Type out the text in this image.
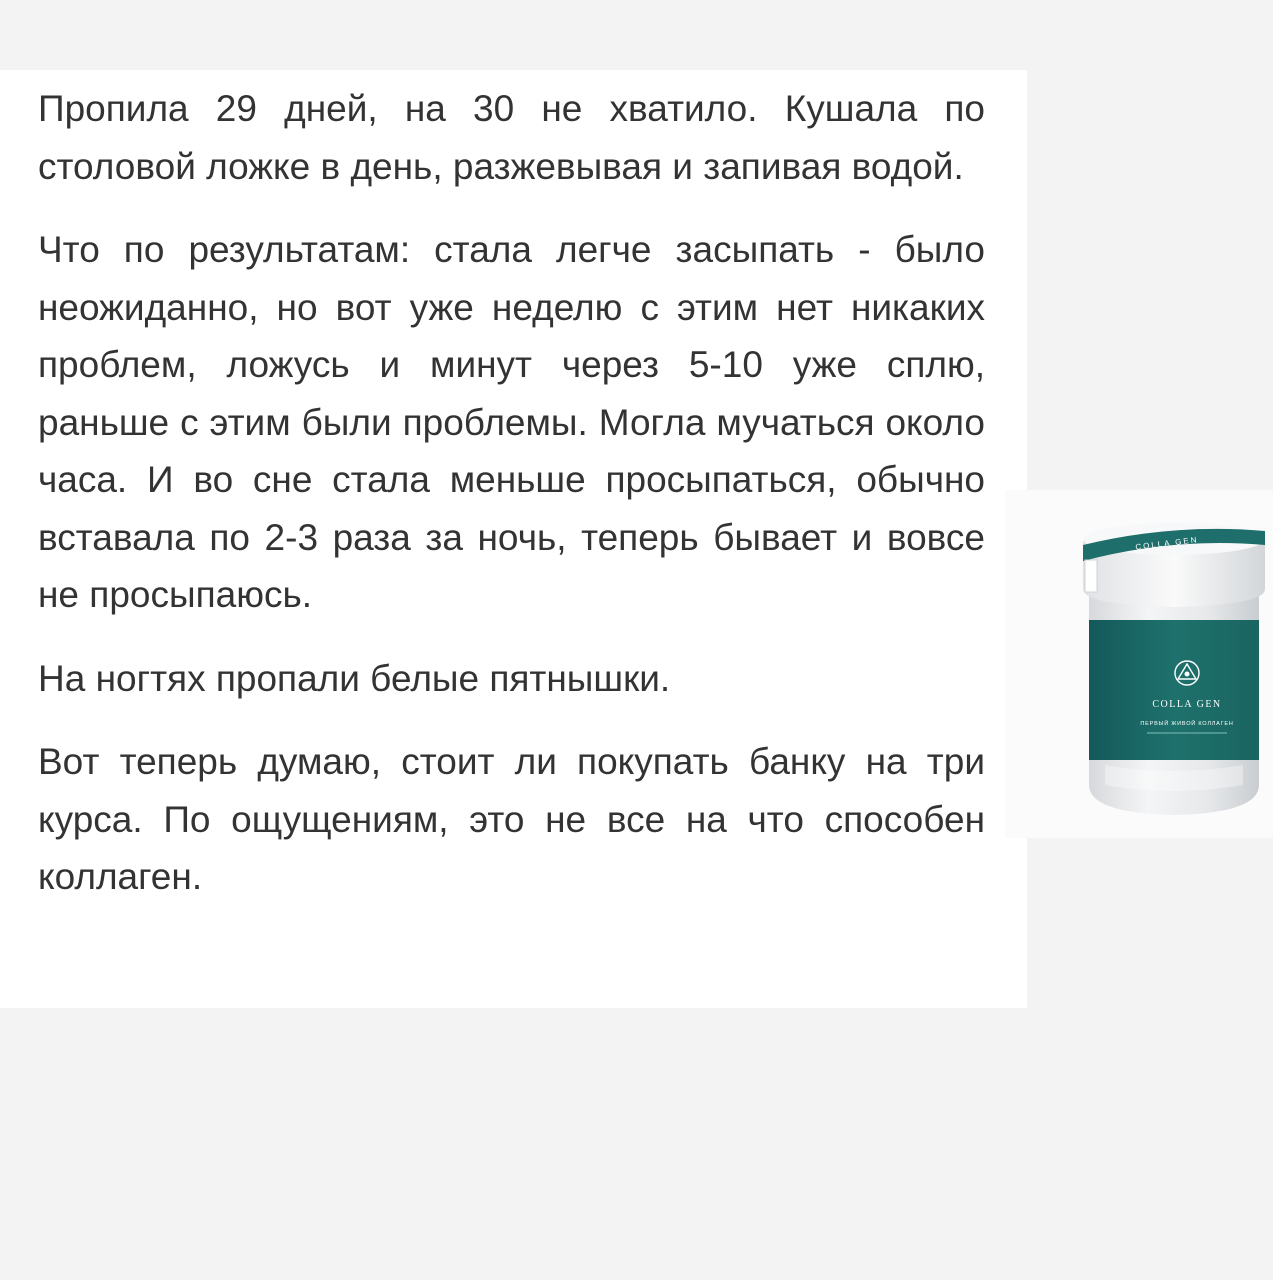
Пропила 29 дней, на 30 не хватило. Кушала по столовой ложке в день, разжевывая и запивая водой.

Что по результатам: стала легче засыпать - было неожиданно, но вот уже неделю с этим нет никаких проблем, ложусь и минут через 5-10 уже сплю, раньше с этим были проблемы. Могла мучаться около часа. И во сне стала меньше просыпаться, обычно вставала по 2-3 раза за ночь, теперь бывает и вовсе не просыпаюсь.

На ногтях пропали белые пятнышки.

Вот теперь думаю, стоит ли покупать банку на три курса. По ощущениям, это не все на что способен коллаген.

COLLA GEN
COLLA GEN
ПЕРВЫЙ ЖИВОЙ КОЛЛАГЕН
